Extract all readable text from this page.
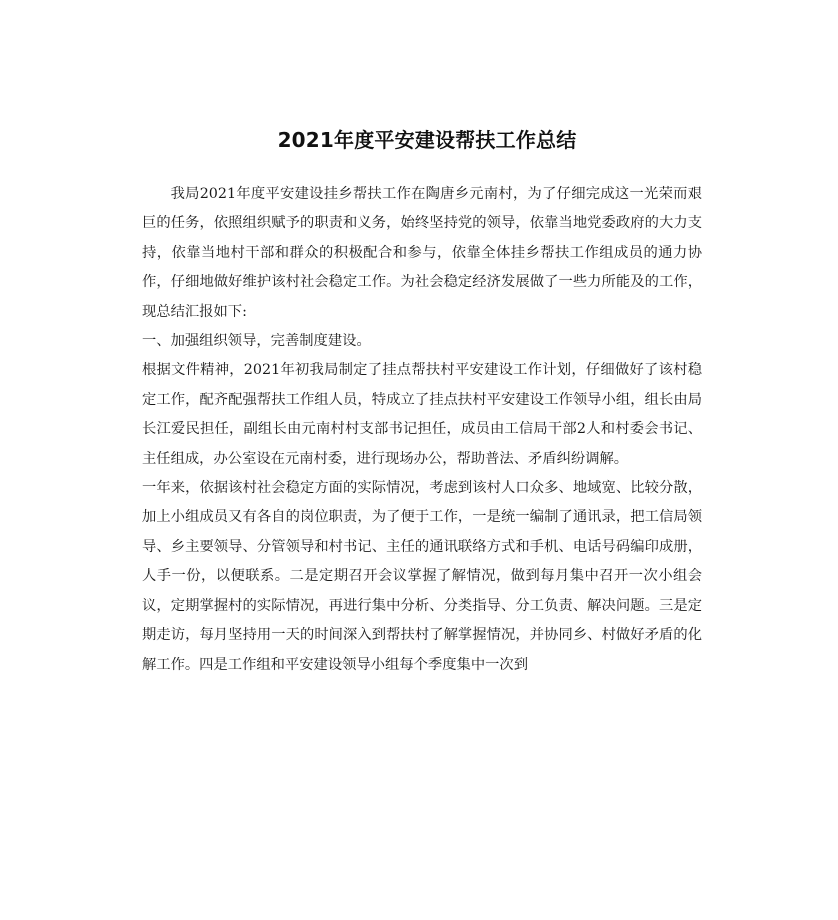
2021年度平安建设帮扶工作总结

我局2021年度平安建设挂乡帮扶工作在陶唐乡元南村，为了仔细完成这一光荣而艰巨的任务，依照组织赋予的职责和义务，始终坚持党的领导，依靠当地党委政府的大力支持，依靠当地村干部和群众的积极配合和参与，依靠全体挂乡帮扶工作组成员的通力协作，仔细地做好维护该村社会稳定工作。为社会稳定经济发展做了一些力所能及的工作，现总结汇报如下:

一、加强组织领导，完善制度建设。

根据文件精神，2021年初我局制定了挂点帮扶村平安建设工作计划，仔细做好了该村稳定工作，配齐配强帮扶工作组人员，特成立了挂点扶村平安建设工作领导小组，组长由局长江爱民担任，副组长由元南村村支部书记担任，成员由工信局干部2人和村委会书记、主任组成，办公室设在元南村委，进行现场办公，帮助普法、矛盾纠纷调解。

一年来，依据该村社会稳定方面的实际情况，考虑到该村人口众多、地域宽、比较分散，加上小组成员又有各自的岗位职责，为了便于工作，一是统一编制了通讯录，把工信局领导、乡主要领导、分管领导和村书记、主任的通讯联络方式和手机、电话号码编印成册，人手一份，以便联系。二是定期召开会议掌握了解情况，做到每月集中召开一次小组会议，定期掌握村的实际情况，再进行集中分析、分类指导、分工负责、解决问题。三是定期走访，每月坚持用一天的时间深入到帮扶村了解掌握情况，并协同乡、村做好矛盾的化解工作。四是工作组和平安建设领导小组每个季度集中一次到
